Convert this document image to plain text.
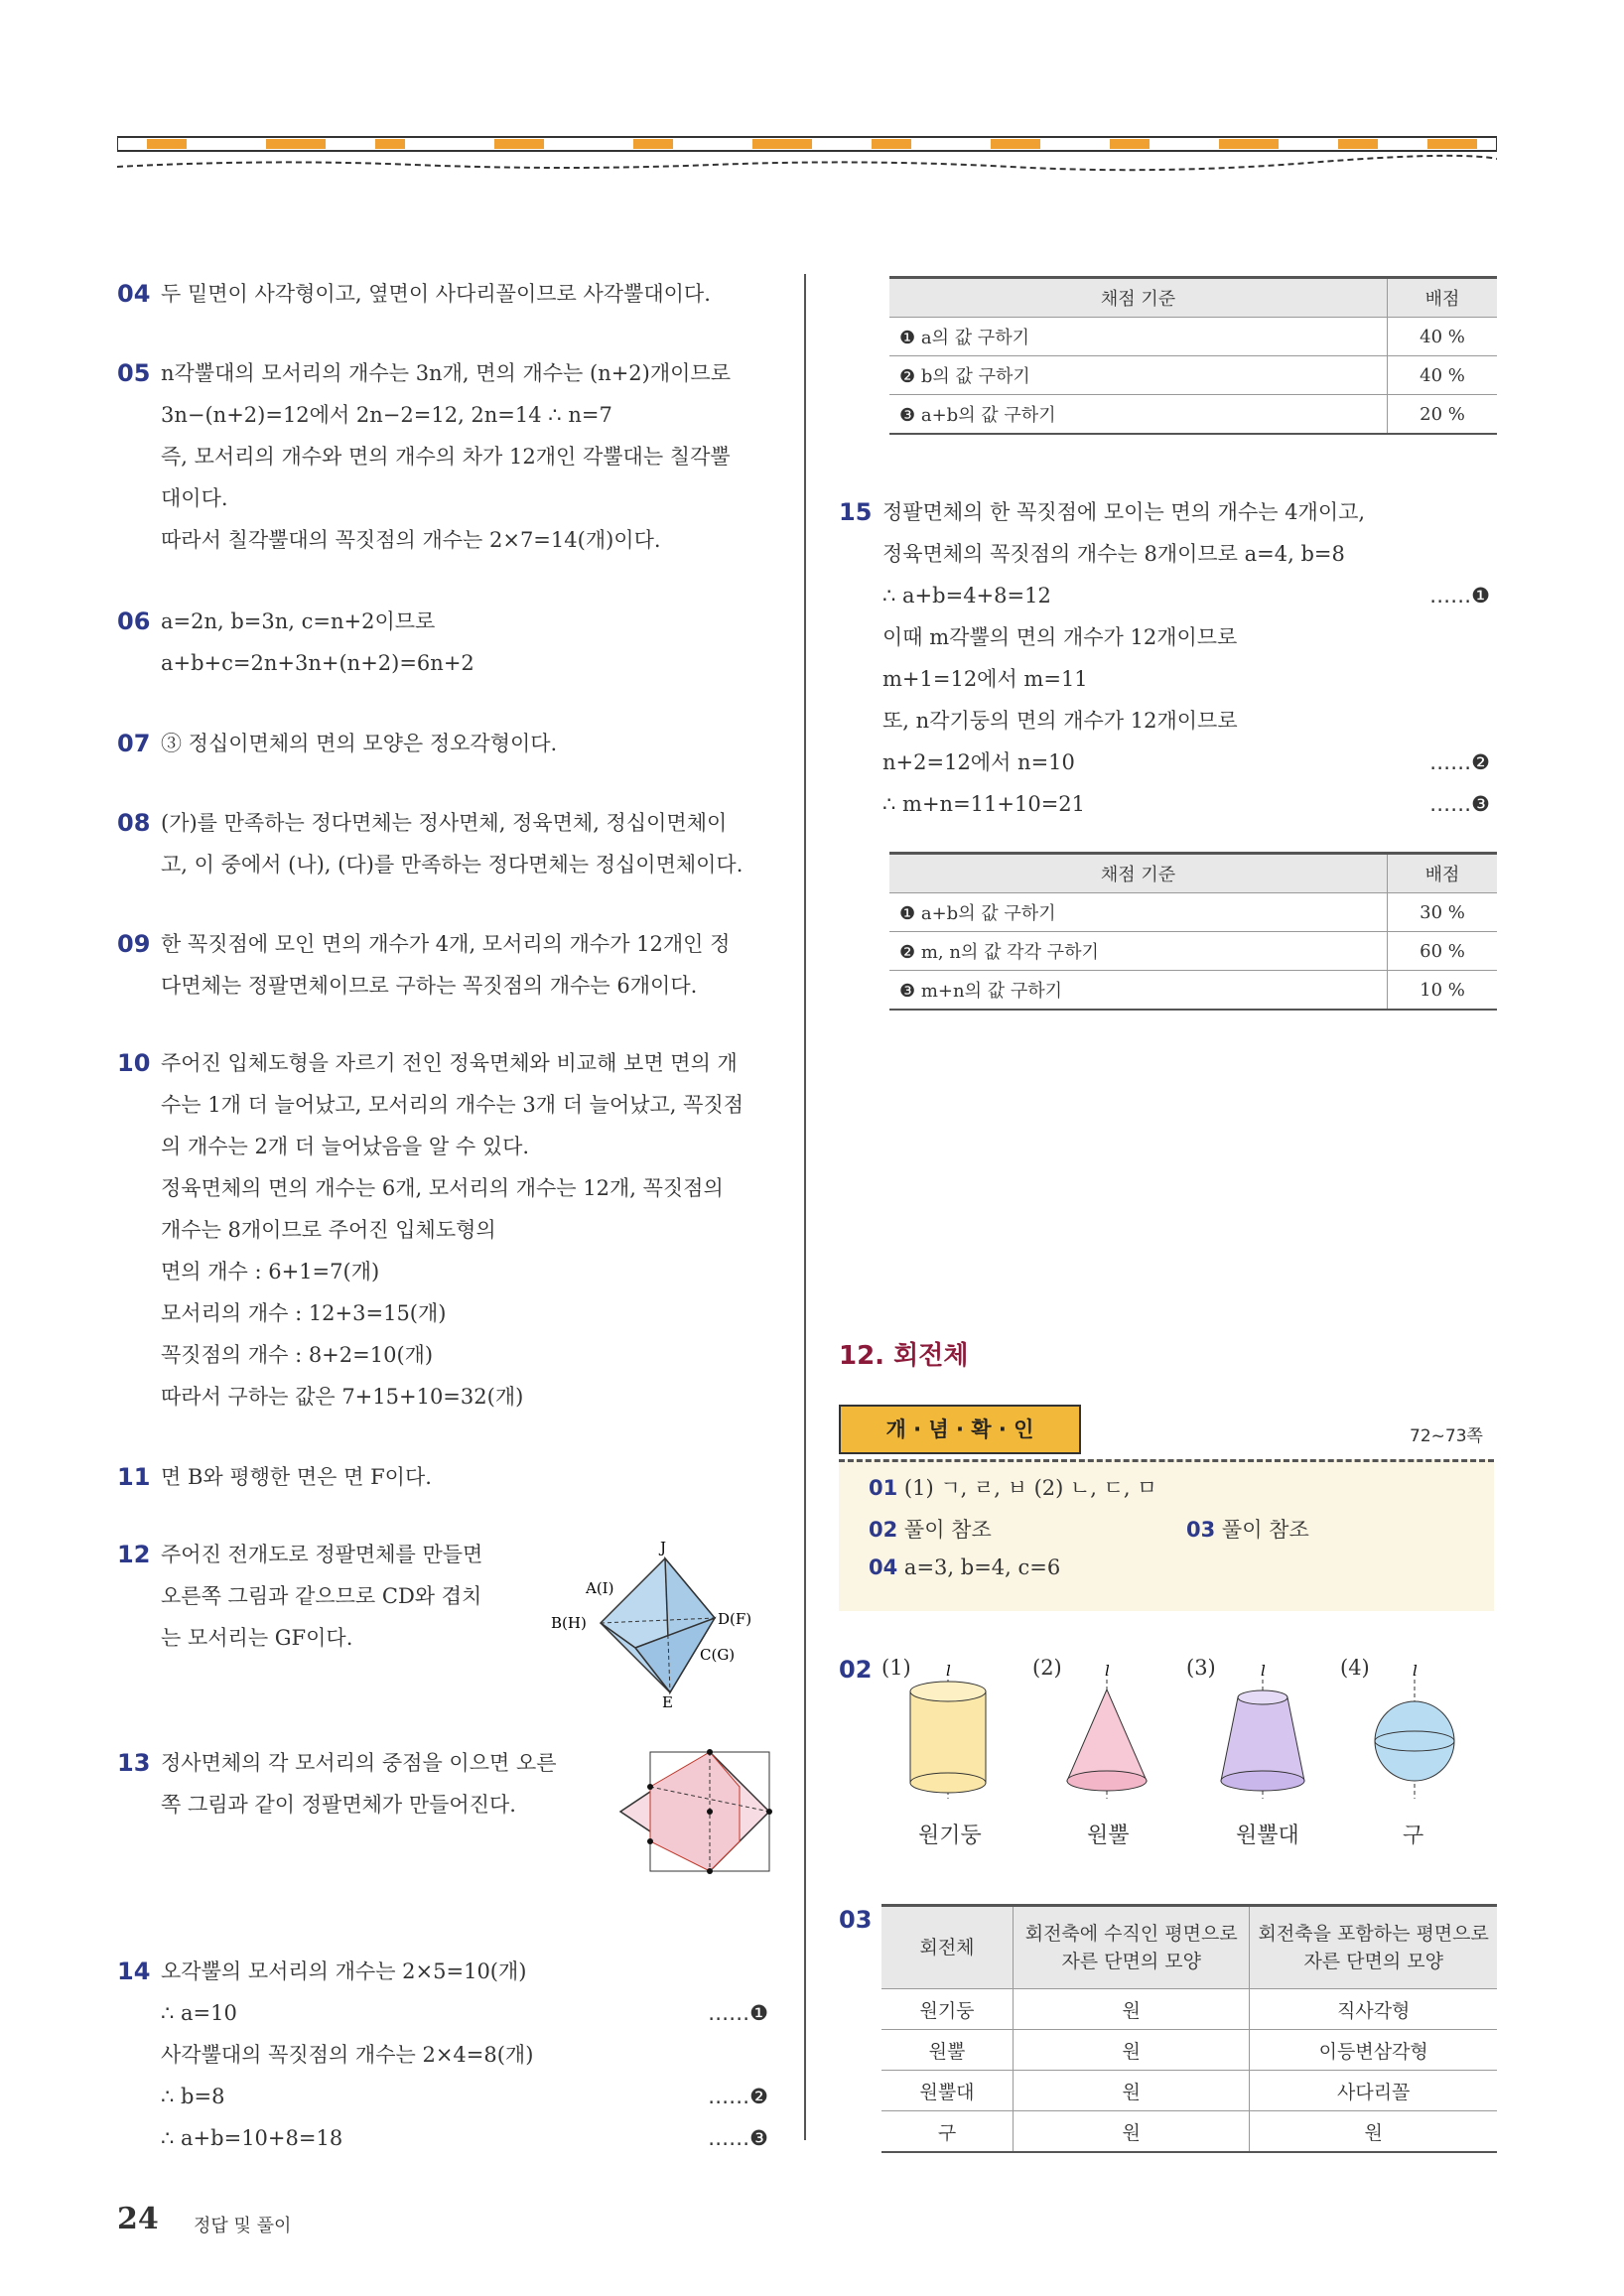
04 두 밑면이 사각형이고, 옆면이 사다리꼴이므로 사각뿔대이다.
05 n각뿔대의 모서리의 개수는 3n개, 면의 개수는 (n+2)개이므로
3n−(n+2)=12에서 2n−2=12, 2n=14 ∴ n=7
즉, 모서리의 개수와 면의 개수의 차가 12개인 각뿔대는 칠각뿔
대이다.
따라서 칠각뿔대의 꼭짓점의 개수는 2×7=14(개)이다.
06 a=2n, b=3n, c=n+2이므로
a+b+c=2n+3n+(n+2)=6n+2
07 ③ 정십이면체의 면의 모양은 정오각형이다.
08 (가)를 만족하는 정다면체는 정사면체, 정육면체, 정십이면체이
고, 이 중에서 (나), (다)를 만족하는 정다면체는 정십이면체이다.
09 한 꼭짓점에 모인 면의 개수가 4개, 모서리의 개수가 12개인 정
다면체는 정팔면체이므로 구하는 꼭짓점의 개수는 6개이다.
10 주어진 입체도형을 자르기 전인 정육면체와 비교해 보면 면의 개
수는 1개 더 늘어났고, 모서리의 개수는 3개 더 늘어났고, 꼭짓점
의 개수는 2개 더 늘어났음을 알 수 있다.
정육면체의 면의 개수는 6개, 모서리의 개수는 12개, 꼭짓점의
개수는 8개이므로 주어진 입체도형의
면의 개수 : 6+1=7(개)
모서리의 개수 : 12+3=15(개)
꼭짓점의 개수 : 8+2=10(개)
따라서 구하는 값은 7+15+10=32(개)
11 면 B와 평행한 면은 면 F이다.
12 주어진 전개도로 정팔면체를 만들면
오른쪽 그림과 같으므로 CD와 겹치
는 모서리는 GF이다.
J
A(I)
B(H)	D(F)
C(G)
E
13 정사면체의 각 모서리의 중점을 이으면 오른
쪽 그림과 같이 정팔면체가 만들어진다.
14 오각뿔의 모서리의 개수는 2×5=10(개)
∴ a=10	……❶
사각뿔대의 꼭짓점의 개수는 2×4=8(개)
∴ b=8	……❷
∴ a+b=10+8=18	……❸
채점 기준	배점
❶ a의 값 구하기	40 %
❷ b의 값 구하기	40 %
❸ a+b의 값 구하기	20 %
15 정팔면체의 한 꼭짓점에 모이는 면의 개수는 4개이고,
정육면체의 꼭짓점의 개수는 8개이므로 a=4, b=8
∴ a+b=4+8=12	……❶
이때 m각뿔의 면의 개수가 12개이므로
m+1=12에서 m=11
또, n각기둥의 면의 개수가 12개이므로
n+2=12에서 n=10	……❷
∴ m+n=11+10=21	……❸
채점 기준	배점
❶ a+b의 값 구하기	30 %
❷ m, n의 값 각각 구하기	60 %
❸ m+n의 값 구하기	10 %
12. 회전체
개 · 념 · 확 · 인	72~73쪽
01 (1) ㄱ, ㄹ, ㅂ (2) ㄴ, ㄷ, ㅁ
02 풀이 참조	03 풀이 참조
04 a=3, b=4, c=6
02 (1)	(2)	(3)	(4)
l	l	l	l
원기둥	원뿔	원뿔대	구
03
회전체	회전축에 수직인 평면으로 자른 단면의 모양	회전축을 포함하는 평면으로 자른 단면의 모양
원기둥	원	직사각형
원뿔	원	이등변삼각형
원뿔대	원	사다리꼴
구	원	원
24 정답 및 풀이
